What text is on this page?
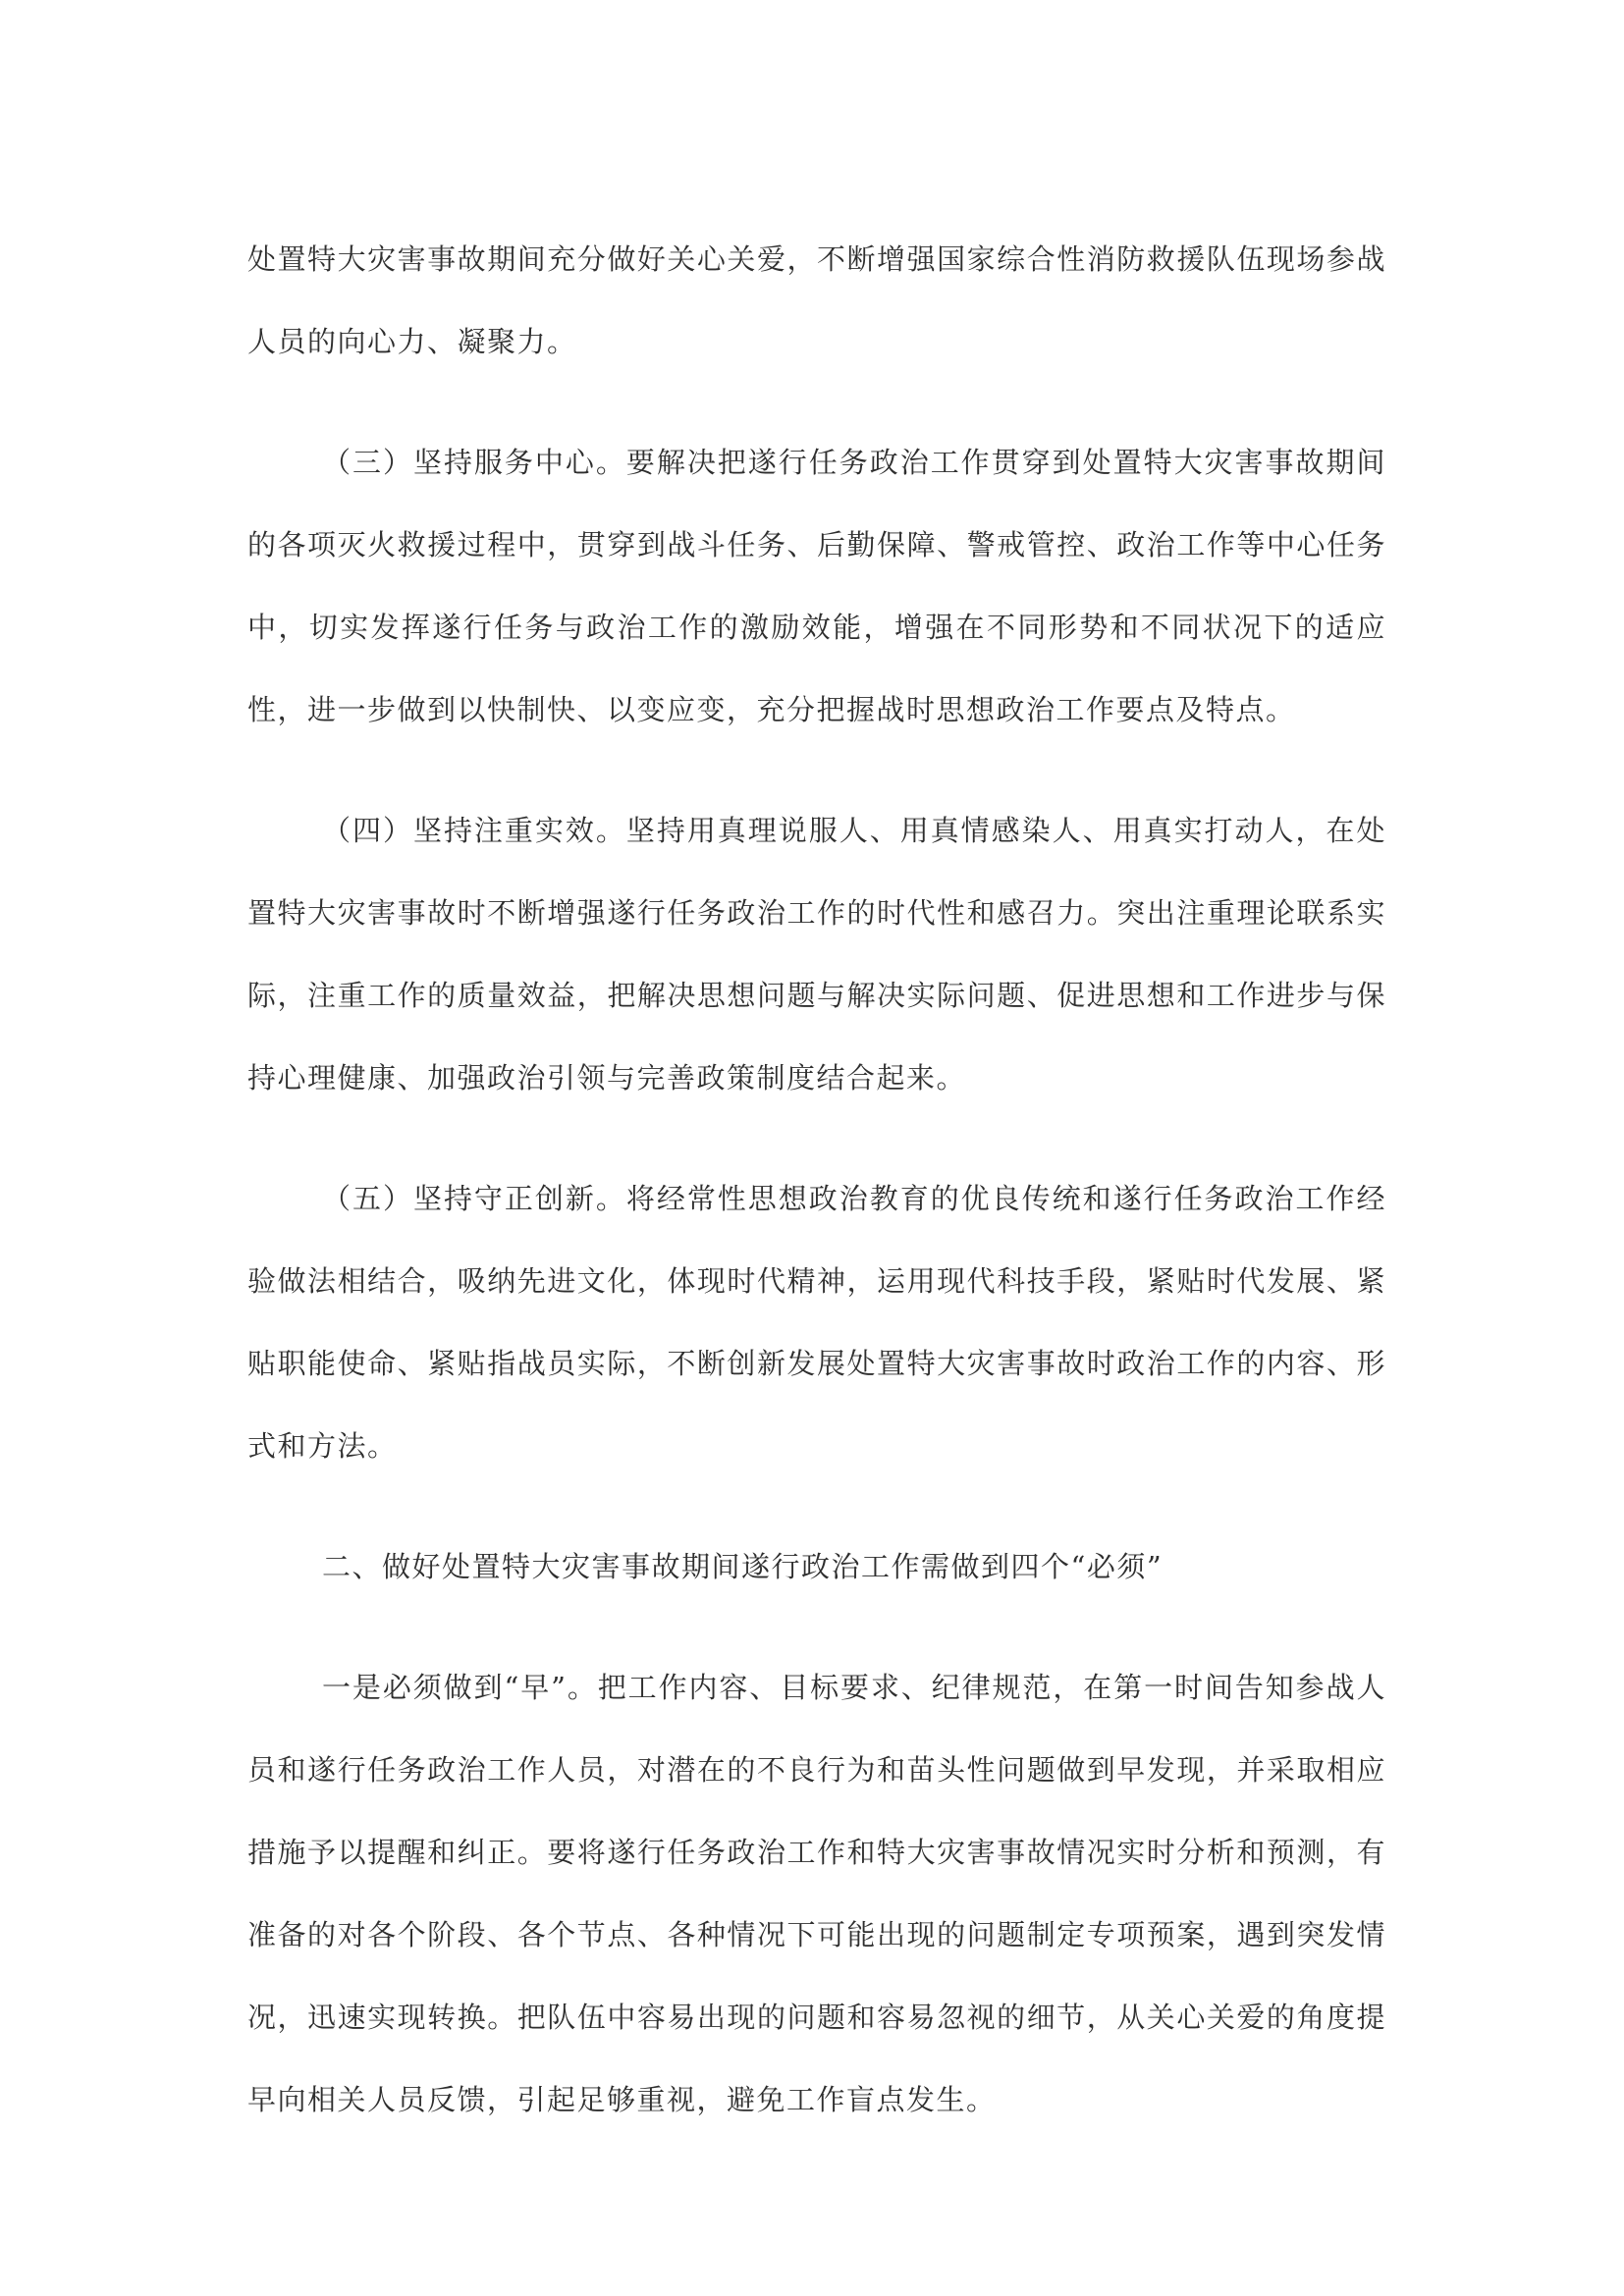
处置特大灾害事故期间充分做好关心关爱，不断增强国家综合性消防救援队伍现场参战人员的向心力、凝聚力。

（三）坚持服务中心。要解决把遂行任务政治工作贯穿到处置特大灾害事故期间的各项灭火救援过程中，贯穿到战斗任务、后勤保障、警戒管控、政治工作等中心任务中，切实发挥遂行任务与政治工作的激励效能，增强在不同形势和不同状况下的适应性，进一步做到以快制快、以变应变，充分把握战时思想政治工作要点及特点。

（四）坚持注重实效。坚持用真理说服人、用真情感染人、用真实打动人，在处置特大灾害事故时不断增强遂行任务政治工作的时代性和感召力。突出注重理论联系实际，注重工作的质量效益，把解决思想问题与解决实际问题、促进思想和工作进步与保持心理健康、加强政治引领与完善政策制度结合起来。

（五）坚持守正创新。将经常性思想政治教育的优良传统和遂行任务政治工作经验做法相结合，吸纳先进文化，体现时代精神，运用现代科技手段，紧贴时代发展、紧贴职能使命、紧贴指战员实际，不断创新发展处置特大灾害事故时政治工作的内容、形式和方法。

二、做好处置特大灾害事故期间遂行政治工作需做到四个“必须”

一是必须做到“早”。把工作内容、目标要求、纪律规范，在第一时间告知参战人员和遂行任务政治工作人员，对潜在的不良行为和苗头性问题做到早发现，并采取相应措施予以提醒和纠正。要将遂行任务政治工作和特大灾害事故情况实时分析和预测，有准备的对各个阶段、各个节点、各种情况下可能出现的问题制定专项预案，遇到突发情况，迅速实现转换。把队伍中容易出现的问题和容易忽视的细节，从关心关爱的角度提早向相关人员反馈，引起足够重视，避免工作盲点发生。
